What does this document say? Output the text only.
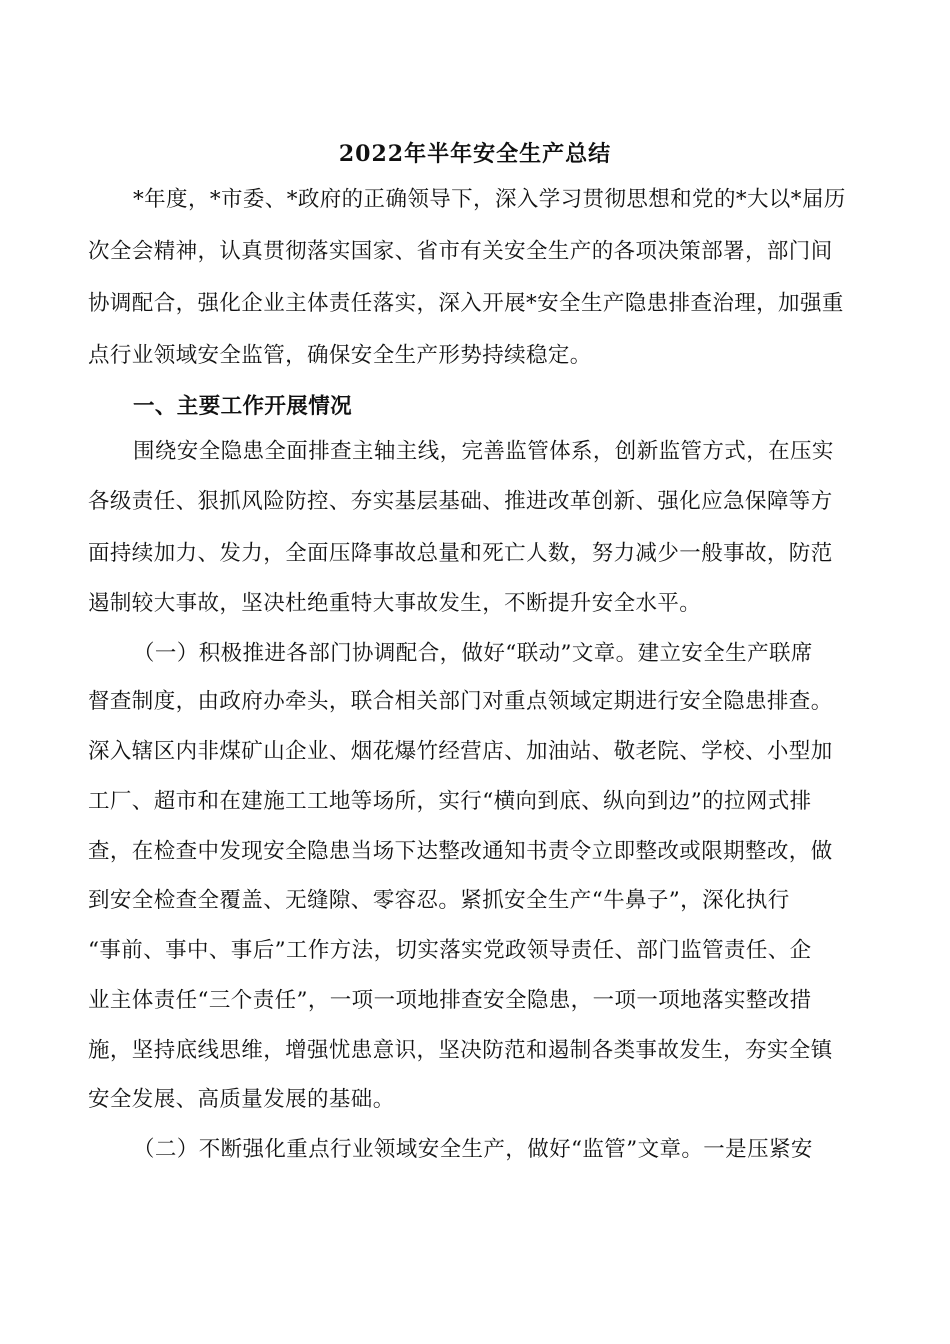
2022年半年安全生产总结
*年度，*市委、*政府的正确领导下，深入学习贯彻思想和党的*大以*届历
次全会精神，认真贯彻落实国家、省市有关安全生产的各项决策部署，部门间
协调配合，强化企业主体责任落实，深入开展*安全生产隐患排查治理，加强重
点行业领域安全监管，确保安全生产形势持续稳定。
一、主要工作开展情况
围绕安全隐患全面排查主轴主线，完善监管体系，创新监管方式，在压实
各级责任、狠抓风险防控、夯实基层基础、推进改革创新、强化应急保障等方
面持续加力、发力，全面压降事故总量和死亡人数，努力减少一般事故，防范
遏制较大事故，坚决杜绝重特大事故发生，不断提升安全水平。
（一）积极推进各部门协调配合，做好“联动”文章。建立安全生产联席
督查制度，由政府办牵头，联合相关部门对重点领域定期进行安全隐患排查。
深入辖区内非煤矿山企业、烟花爆竹经营店、加油站、敬老院、学校、小型加
工厂、超市和在建施工工地等场所，实行“横向到底、纵向到边”的拉网式排
查，在检查中发现安全隐患当场下达整改通知书责令立即整改或限期整改，做
到安全检查全覆盖、无缝隙、零容忍。紧抓安全生产“牛鼻子”，深化执行
“事前、事中、事后”工作方法，切实落实党政领导责任、部门监管责任、企
业主体责任“三个责任”，一项一项地排查安全隐患，一项一项地落实整改措
施，坚持底线思维，增强忧患意识，坚决防范和遏制各类事故发生，夯实全镇
安全发展、高质量发展的基础。
（二）不断强化重点行业领域安全生产，做好“监管”文章。一是压紧安
